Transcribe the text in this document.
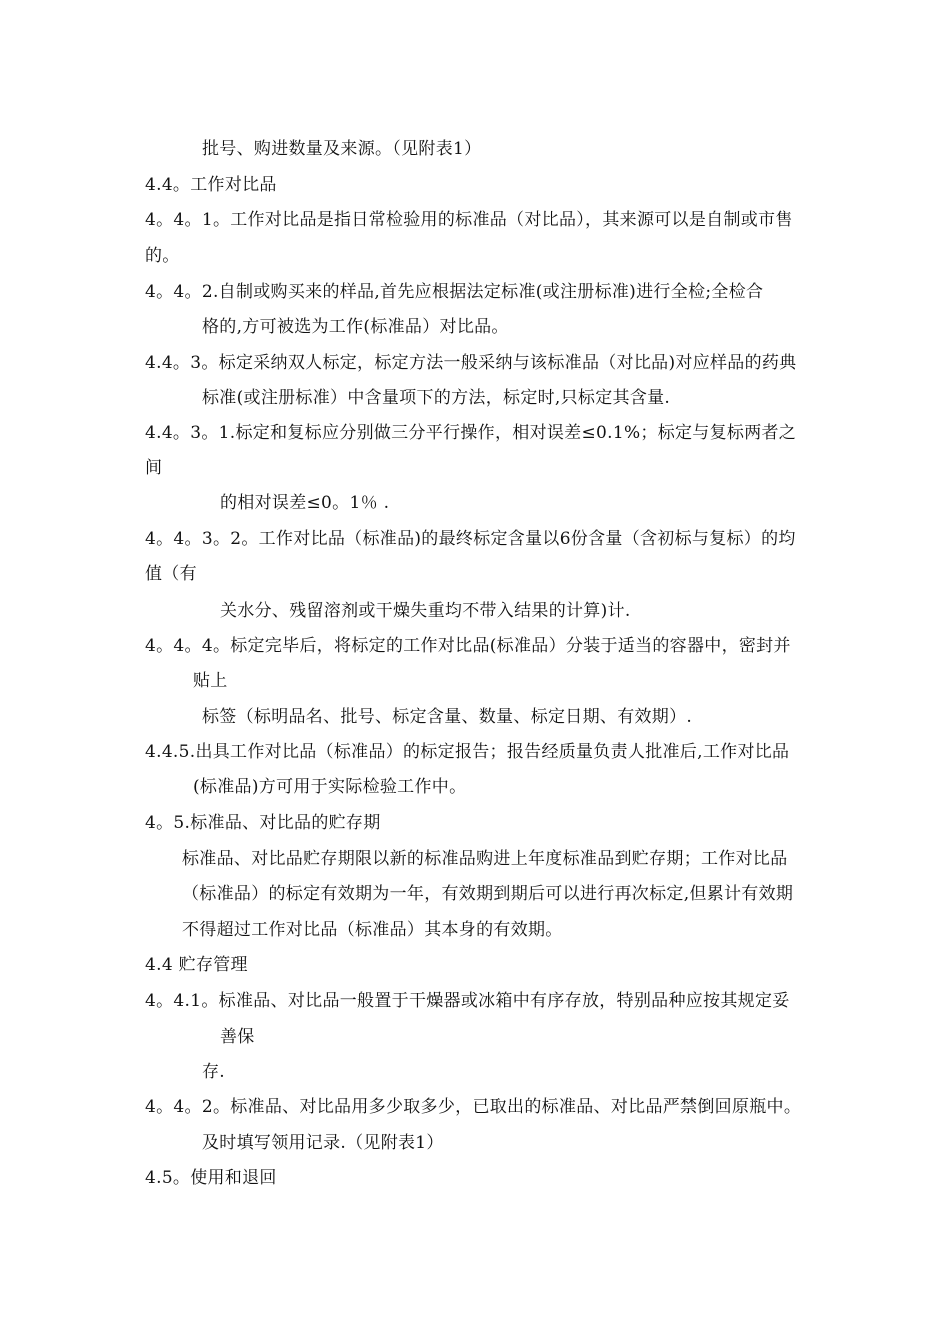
批号、购进数量及来源。（见附表1）
4.4。工作对比品
4。4。1。工作对比品是指日常检验用的标准品（对比品），其来源可以是自制或市售
的。
4。4。2.自制或购买来的样品,首先应根据法定标准(或注册标准)进行全检;全检合
格的,方可被选为工作(标准品）对比品。
4.4。3。标定采纳双人标定，标定方法一般采纳与该标准品（对比品)对应样品的药典
标准(或注册标准）中含量项下的方法，标定时,只标定其含量.
4.4。3。1.标定和复标应分别做三分平行操作，相对误差≤0.1%；标定与复标两者之
间
的相对误差≤0。1％ .
4。4。3。2。工作对比品（标准品)的最终标定含量以6份含量（含初标与复标）的均
值（有
关水分、残留溶剂或干燥失重均不带入结果的计算)计.
4。4。4。标定完毕后，将标定的工作对比品(标准品）分装于适当的容器中，密封并
贴上
标签（标明品名、批号、标定含量、数量、标定日期、有效期）.
4.4.5.出具工作对比品（标准品）的标定报告；报告经质量负责人批准后,工作对比品
(标准品)方可用于实际检验工作中。
4。5.标准品、对比品的贮存期
标准品、对比品贮存期限以新的标准品购进上年度标准品到贮存期；工作对比品
（标准品）的标定有效期为一年，有效期到期后可以进行再次标定,但累计有效期
不得超过工作对比品（标准品）其本身的有效期。
4.4 贮存管理
4。4.1。标准品、对比品一般置于干燥器或冰箱中有序存放，特别品种应按其规定妥
善保
存.
4。4。2。标准品、对比品用多少取多少，已取出的标准品、对比品严禁倒回原瓶中。
及时填写领用记录.（见附表1）
4.5。使用和退回
